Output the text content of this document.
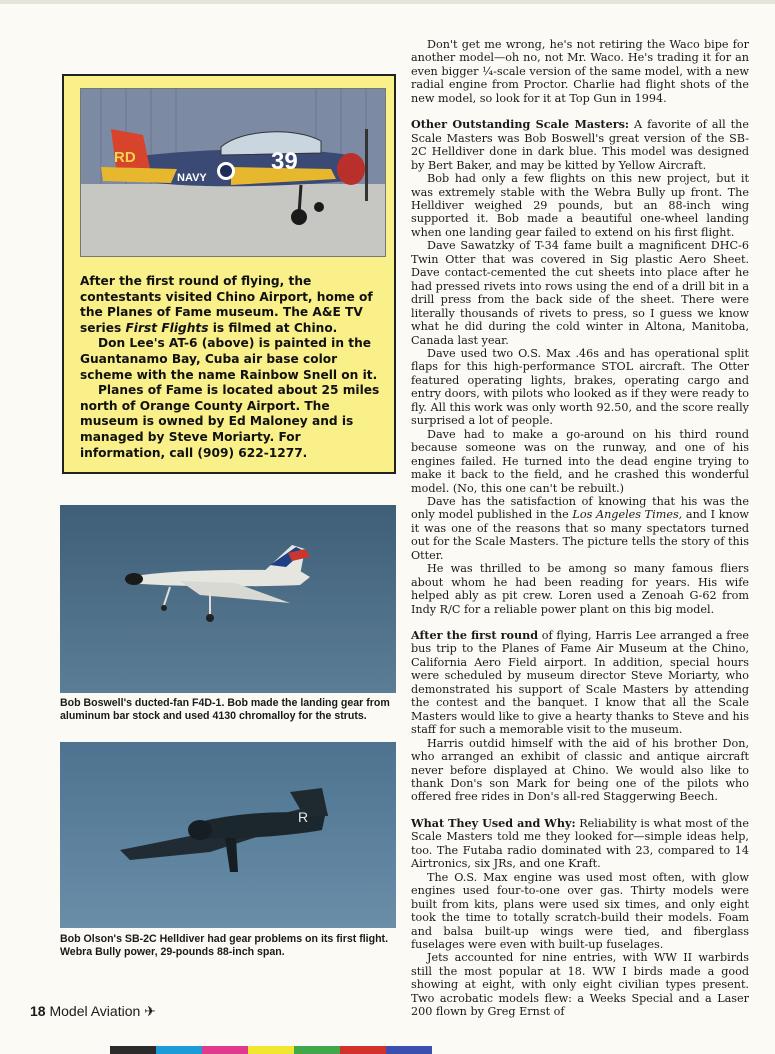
RD	39
NAVY

After the first round of flying, the contestants visited Chino Airport, home of the Planes of Fame museum. The A&E TV series First Flights is filmed at Chino.

Don Lee's AT-6 (above) is painted in the Guantanamo Bay, Cuba air base color scheme with the name Rainbow Snell on it.

Planes of Fame is located about 25 miles north of Orange County Airport. The museum is owned by Ed Maloney and is managed by Steve Moriarty. For information, call (909) 622-1277.

Bob Boswell's ducted-fan F4D-1. Bob made the landing gear from aluminum bar stock and used 4130 chromalloy for the struts.
R
Bob Olson's SB-2C Helldiver had gear problems on its first flight. Webra Bully power, 29-pounds 88-inch span.
18 Model Aviation ✈

Don't get me wrong, he's not retiring the Waco bipe for another model—oh no, not Mr. Waco. He's trading it for an even bigger ¼-scale version of the same model, with a new radial engine from Proctor. Charlie had flight shots of the new model, so look for it at Top Gun in 1994.

Other Outstanding Scale Masters: A favorite of all the Scale Masters was Bob Boswell's great version of the SB-2C Helldiver done in dark blue. This model was designed by Bert Baker, and may be kitted by Yellow Aircraft.

Bob had only a few flights on this new project, but it was extremely stable with the Webra Bully up front. The Helldiver weighed 29 pounds, but an 88-inch wing supported it. Bob made a beautiful one-wheel landing when one landing gear failed to extend on his first flight.

Dave Sawatzky of T-34 fame built a magnificent DHC-6 Twin Otter that was covered in Sig plastic Aero Sheet. Dave contact-cemented the cut sheets into place after he had pressed rivets into rows using the end of a drill bit in a drill press from the back side of the sheet. There were literally thousands of rivets to press, so I guess we know what he did during the cold winter in Altona, Manitoba, Canada last year.

Dave used two O.S. Max .46s and has operational split flaps for this high-performance STOL aircraft. The Otter featured operating lights, brakes, operating cargo and entry doors, with pilots who looked as if they were ready to fly. All this work was only worth 92.50, and the score really surprised a lot of people.

Dave had to make a go-around on his third round because someone was on the runway, and one of his engines failed. He turned into the dead engine trying to make it back to the field, and he crashed this wonderful model. (No, this one can't be rebuilt.)

Dave has the satisfaction of knowing that his was the only model published in the Los Angeles Times, and I know it was one of the reasons that so many spectators turned out for the Scale Masters. The picture tells the story of this Otter.

He was thrilled to be among so many famous fliers about whom he had been reading for years. His wife helped ably as pit crew. Loren used a Zenoah G-62 from Indy R/C for a reliable power plant on this big model.

After the first round of flying, Harris Lee arranged a free bus trip to the Planes of Fame Air Museum at the Chino, California Aero Field airport. In addition, special hours were scheduled by museum director Steve Moriarty, who demonstrated his support of Scale Masters by attending the contest and the banquet. I know that all the Scale Masters would like to give a hearty thanks to Steve and his staff for such a memorable visit to the museum.

Harris outdid himself with the aid of his brother Don, who arranged an exhibit of classic and antique aircraft never before displayed at Chino. We would also like to thank Don's son Mark for being one of the pilots who offered free rides in Don's all-red Staggerwing Beech.

What They Used and Why: Reliability is what most of the Scale Masters told me they looked for—simple ideas help, too. The Futaba radio dominated with 23, compared to 14 Airtronics, six JRs, and one Kraft.

The O.S. Max engine was used most often, with glow engines used four-to-one over gas. Thirty models were built from kits, plans were used six times, and only eight took the time to totally scratch-build their models. Foam and balsa built-up wings were tied, and fiberglass fuselages were even with built-up fuselages.

Jets accounted for nine entries, with WW II warbirds still the most popular at 18. WW I birds made a good showing at eight, with only eight civilian types present. Two acrobatic models flew: a Weeks Special and a Laser 200 flown by Greg Ernst of
